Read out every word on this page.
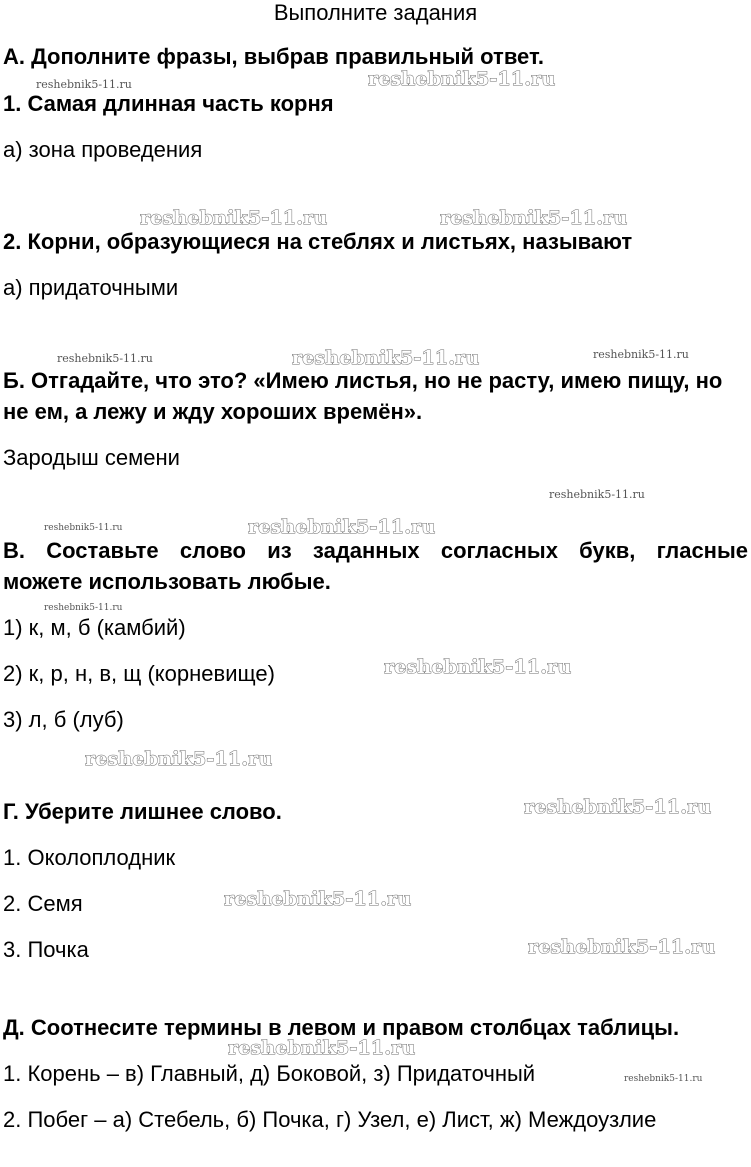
Выполните задания
А. Дополните фразы, выбрав правильный ответ.
1. Самая длинная часть корня
а) зона проведения
2. Корни, образующиеся на стеблях и листьях, называют
а) придаточными
Б. Отгадайте, что это? «Имею листья, но не расту, имею пищу, но
не ем, а лежу и жду хороших времён».
Зародыш семени
В. Составьте слово из заданных согласных букв, гласные
можете использовать любые.
1) к, м, б (камбий)
2) к, р, н, в, щ (корневище)
3) л, б (луб)
Г. Уберите лишнее слово.
1. Околоплодник
2. Семя
3. Почка
Д. Соотнесите термины в левом и правом столбцах таблицы.
1. Корень – в) Главный, д) Боковой, з) Придаточный
2. Побег – а) Стебель, б) Почка, г) Узел, е) Лист, ж) Междоузлие
reshebnik5-11.ru	reshebnik5-11.ru
reshebnik5-11.ru	reshebnik5-11.ru
reshebnik5-11.ru	reshebnik5-11.ru	reshebnik5-11.ru
reshebnik5-11.ru
reshebnik5-11.ru	reshebnik5-11.ru
reshebnik5-11.ru
reshebnik5-11.ru
reshebnik5-11.ru
reshebnik5-11.ru
reshebnik5-11.ru
reshebnik5-11.ru
reshebnik5-11.ru
reshebnik5-11.ru
